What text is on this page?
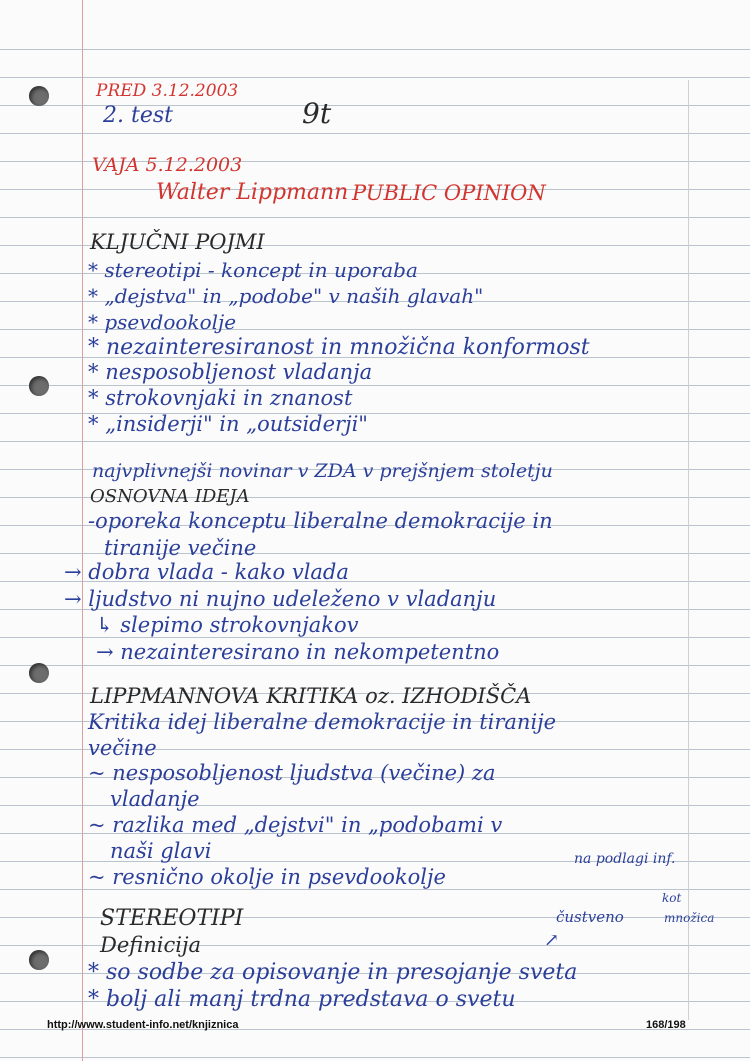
PRED 3.12.2003
2. test	9t
VAJA 5.12.2003
Walter Lippmann PUBLIC OPINION
KLJUČNI POJMI
* stereotipi - koncept in uporaba
* „dejstva" in „podobe" v naših glavah"
* psevdookolje
* nezainteresiranost in množična konformost
* nesposobljenost vladanja
* strokovnjaki in znanost
* „insiderji" in „outsiderji"
najvplivnejši novinar v ZDA v prejšnjem stoletju
OSNOVNA IDEJA
-oporeka konceptu liberalne demokracije in
tiranije večine
→ dobra vlada - kako vlada
→ ljudstvo ni nujno udeleženo v vladanju
↳ slepimo strokovnjakov
→ nezainteresirano in nekompetentno
LIPPMANNOVA KRITIKA oz. IZHODIŠČA
Kritika idej liberalne demokracije in tiranije
večine
~ nesposobljenost ljudstva (večine) za
vladanje
~ razlika med „dejstvi" in „podobami v
naši glavi
~ resnično okolje in psevdookolje
na podlagi inf.
STEREOTIPI	čustveno
kot
množica
↗
Definicija
* so sodbe za opisovanje in presojanje sveta
* bolj ali manj trdna predstava o svetu
http://www.student-info.net/knjiznica	168/198
